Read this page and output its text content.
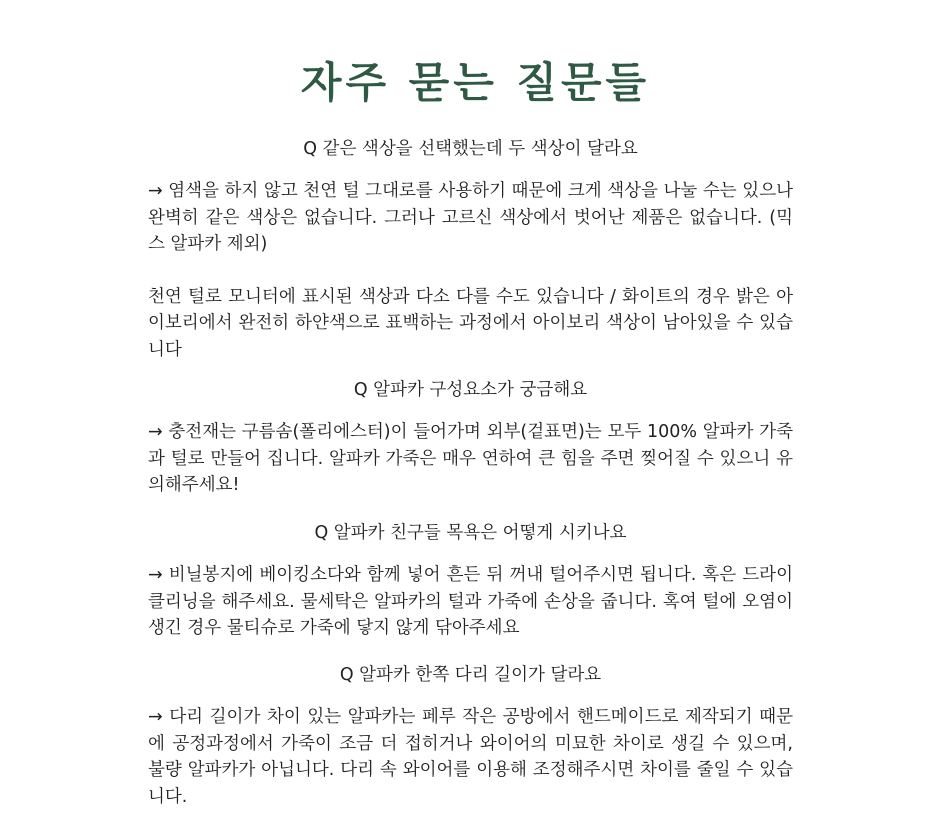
자주 묻는 질문들
Q 같은 색상을 선택했는데 두 색상이 달라요

→ 염색을 하지 않고 천연 털 그대로를 사용하기 때문에 크게 색상을 나눌 수는 있으나 완벽히 같은 색상은 없습니다. 그러나 고르신 색상에서 벗어난 제품은 없습니다. (믹스 알파카 제외)

천연 털로 모니터에 표시된 색상과 다소 다를 수도 있습니다 / 화이트의 경우 밝은 아이보리에서 완전히 하얀색으로 표백하는 과정에서 아이보리 색상이 남아있을 수 있습니다

Q 알파카 구성요소가 궁금해요

→ 충전재는 구름솜(폴리에스터)이 들어가며 외부(겉표면)는 모두 100% 알파카 가죽과 털로 만들어 집니다. 알파카 가죽은 매우 연하여 큰 힘을 주면 찢어질 수 있으니 유의해주세요!

Q 알파카 친구들 목욕은 어떻게 시키나요

→ 비닐봉지에 베이킹소다와 함께 넣어 흔든 뒤 꺼내 털어주시면 됩니다. 혹은 드라이클리닝을 해주세요. 물세탁은 알파카의 털과 가죽에 손상을 줍니다. 혹여 털에 오염이 생긴 경우 물티슈로 가죽에 닿지 않게 닦아주세요

Q 알파카 한쪽 다리 길이가 달라요

→ 다리 길이가 차이 있는 알파카는 페루 작은 공방에서 핸드메이드로 제작되기 때문에 공정과정에서 가죽이 조금 더 접히거나 와이어의 미묘한 차이로 생길 수 있으며, 불량 알파카가 아닙니다. 다리 속 와이어를 이용해 조정해주시면 차이를 줄일 수 있습니다.
